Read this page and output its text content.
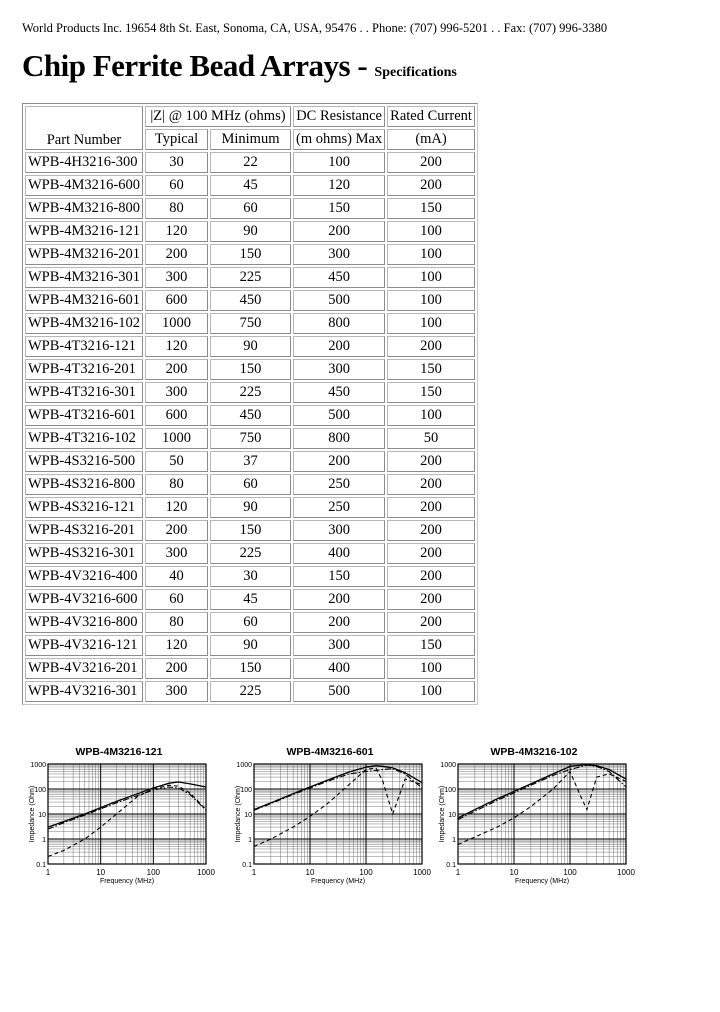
World Products Inc. 19654 8th St. East, Sonoma, CA, USA, 95476 . . Phone: (707) 996-5201 . . Fax: (707) 996-3380
Chip Ferrite Bead Arrays - Specifications
Part Number	|Z| @ 100 MHz (ohms)		DC Resistance	Rated Current
	Typical	Minimum	(m ohms) Max	(mA)
WPB-4H3216-300	30	22	100	200
WPB-4M3216-600	60	45	120	200
WPB-4M3216-800	80	60	150	150
WPB-4M3216-121	120	90	200	100
WPB-4M3216-201	200	150	300	100
WPB-4M3216-301	300	225	450	100
WPB-4M3216-601	600	450	500	100
WPB-4M3216-102	1000	750	800	100
WPB-4T3216-121	120	90	200	200
WPB-4T3216-201	200	150	300	150
WPB-4T3216-301	300	225	450	150
WPB-4T3216-601	600	450	500	100
WPB-4T3216-102	1000	750	800	50
WPB-4S3216-500	50	37	200	200
WPB-4S3216-800	80	60	250	200
WPB-4S3216-121	120	90	250	200
WPB-4S3216-201	200	150	300	200
WPB-4S3216-301	300	225	400	200
WPB-4V3216-400	40	30	150	200
WPB-4V3216-600	60	45	200	200
WPB-4V3216-800	80	60	200	200
WPB-4V3216-121	120	90	300	150
WPB-4V3216-201	200	150	400	100
WPB-4V3216-301	300	225	500	100
WPB-4M3216-121
1	10	100	1000
0.1
1
10
100
1000
Frequency (MHz)
Impedance (Ohm)
WPB-4M3216-601
1	10	100	1000
0.1
1
10
100
1000
Frequency (MHz)
Impedance (Ohm)
WPB-4M3216-102
1	10	100	1000
0.1
1
10
100
1000
Frequency (MHz)
Impedance (Ohm)
